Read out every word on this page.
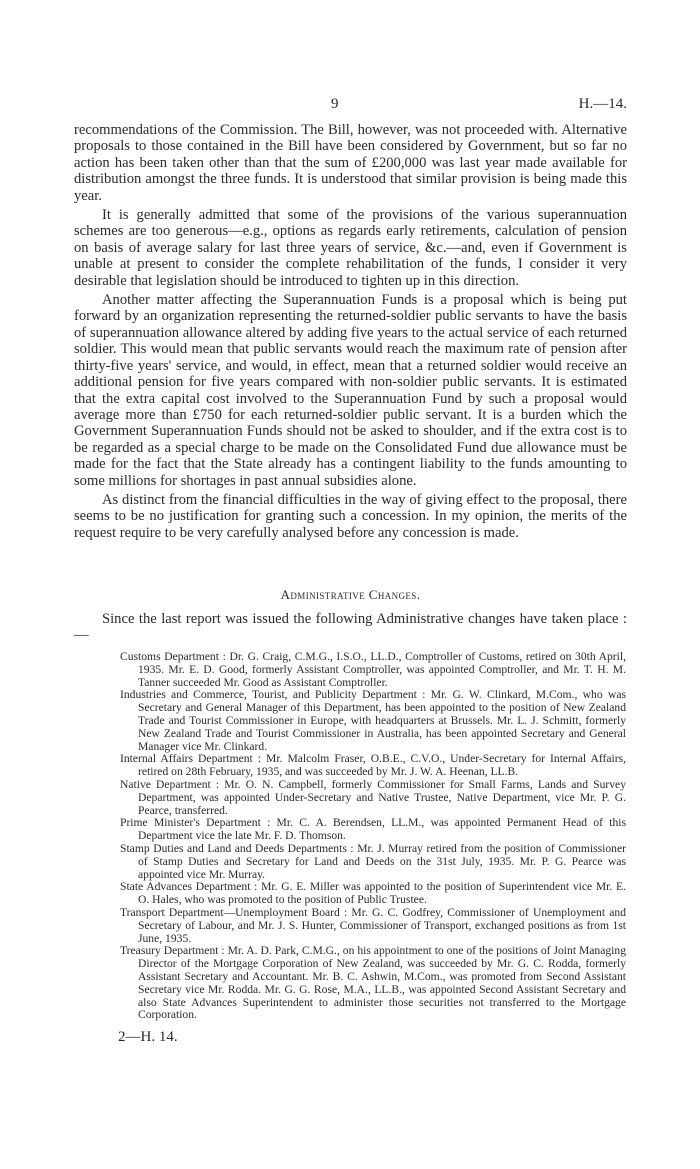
9	H.—14.

recommendations of the Commission. The Bill, however, was not proceeded with. Alternative proposals to those contained in the Bill have been considered by Government, but so far no action has been taken other than that the sum of £200,000 was last year made available for distribution amongst the three funds. It is understood that similar provision is being made this year.

It is generally admitted that some of the provisions of the various superannuation schemes are too generous—e.g., options as regards early retirements, calculation of pension on basis of average salary for last three years of service, &c.—and, even if Government is unable at present to consider the complete rehabilitation of the funds, I consider it very desirable that legislation should be introduced to tighten up in this direction.

Another matter affecting the Superannuation Funds is a proposal which is being put forward by an organization representing the returned-soldier public servants to have the basis of superannuation allowance altered by adding five years to the actual service of each returned soldier. This would mean that public servants would reach the maximum rate of pension after thirty-five years' service, and would, in effect, mean that a returned soldier would receive an additional pension for five years compared with non-soldier public servants. It is estimated that the extra capital cost involved to the Superannuation Fund by such a proposal would average more than £750 for each returned-soldier public servant. It is a burden which the Government Superannuation Funds should not be asked to shoulder, and if the extra cost is to be regarded as a special charge to be made on the Consolidated Fund due allowance must be made for the fact that the State already has a contingent liability to the funds amounting to some millions for shortages in past annual subsidies alone.

As distinct from the financial difficulties in the way of giving effect to the proposal, there seems to be no justification for granting such a concession. In my opinion, the merits of the request require to be very carefully analysed before any concession is made.

Administrative Changes.

Since the last report was issued the following Administrative changes have taken place :—

Customs Department : Dr. G. Craig, C.M.G., I.S.O., LL.D., Comptroller of Customs, retired on 30th April, 1935. Mr. E. D. Good, formerly Assistant Comptroller, was appointed Comptroller, and Mr. T. H. M. Tanner succeeded Mr. Good as Assistant Comptroller.
Industries and Commerce, Tourist, and Publicity Department : Mr. G. W. Clinkard, M.Com., who was Secretary and General Manager of this Department, has been appointed to the position of New Zealand Trade and Tourist Commissioner in Europe, with headquarters at Brussels. Mr. L. J. Schmitt, formerly New Zealand Trade and Tourist Commissioner in Australia, has been appointed Secretary and General Manager vice Mr. Clinkard.
Internal Affairs Department : Mr. Malcolm Fraser, O.B.E., C.V.O., Under-Secretary for Internal Affairs, retired on 28th February, 1935, and was succeeded by Mr. J. W. A. Heenan, LL.B.
Native Department : Mr. O. N. Campbell, formerly Commissioner for Small Farms, Lands and Survey Department, was appointed Under-Secretary and Native Trustee, Native Department, vice Mr. P. G. Pearce, transferred.
Prime Minister's Department : Mr. C. A. Berendsen, LL.M., was appointed Permanent Head of this Department vice the late Mr. F. D. Thomson.
Stamp Duties and Land and Deeds Departments : Mr. J. Murray retired from the position of Commissioner of Stamp Duties and Secretary for Land and Deeds on the 31st July, 1935. Mr. P. G. Pearce was appointed vice Mr. Murray.
State Advances Department : Mr. G. E. Miller was appointed to the position of Superintendent vice Mr. E. O. Hales, who was promoted to the position of Public Trustee.
Transport Department—Unemployment Board : Mr. G. C. Godfrey, Commissioner of Unemployment and Secretary of Labour, and Mr. J. S. Hunter, Commissioner of Transport, exchanged positions as from 1st June, 1935.
Treasury Department : Mr. A. D. Park, C.M.G., on his appointment to one of the positions of Joint Managing Director of the Mortgage Corporation of New Zealand, was succeeded by Mr. G. C. Rodda, formerly Assistant Secretary and Accountant. Mr. B. C. Ashwin, M.Com., was promoted from Second Assistant Secretary vice Mr. Rodda. Mr. G. G. Rose, M.A., LL.B., was appointed Second Assistant Secretary and also State Advances Superintendent to administer those securities not transferred to the Mortgage Corporation.
2—H. 14.
